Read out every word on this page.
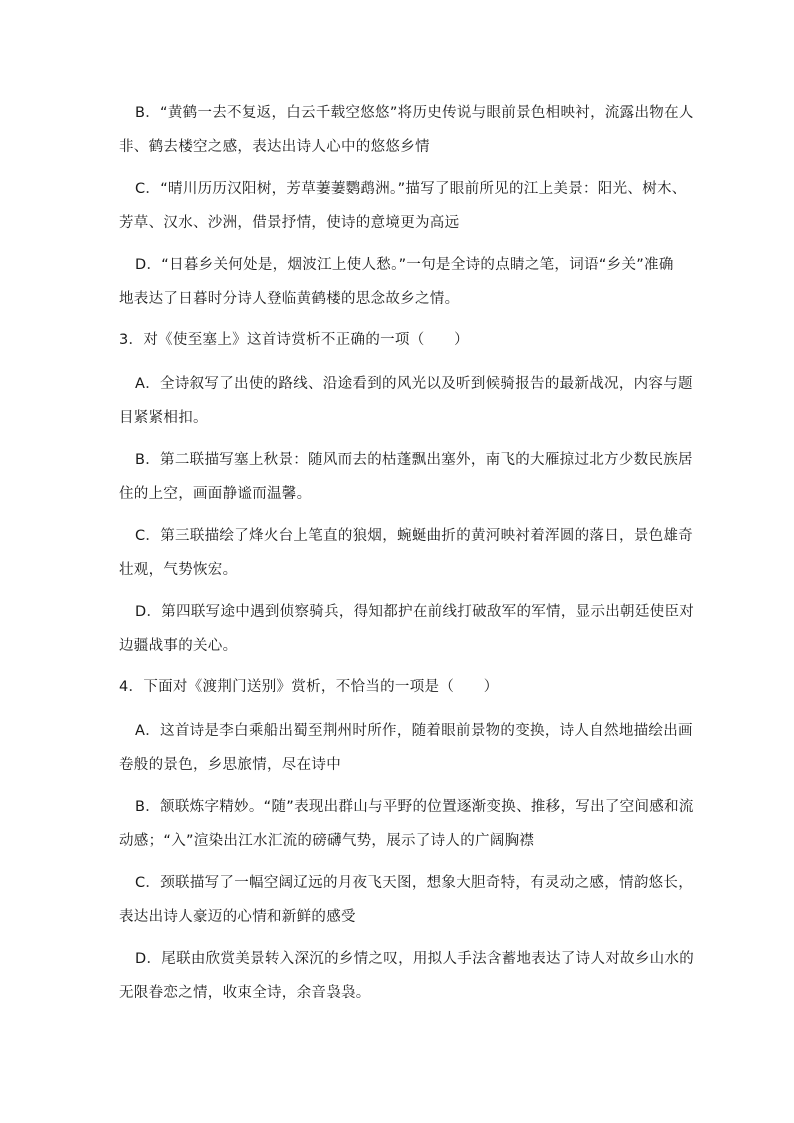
B．“黄鹤一去不复返，白云千载空悠悠”将历史传说与眼前景色相映衬，流露出物在人
非、鹤去楼空之感，表达出诗人心中的悠悠乡情

C．“晴川历历汉阳树，芳草萋萋鹦鹉洲。”描写了眼前所见的江上美景：阳光、树木、
芳草、汉水、沙洲，借景抒情，使诗的意境更为高远

D．“日暮乡关何处是，烟波江上使人愁。”一句是全诗的点睛之笔，词语“乡关”准确
地表达了日暮时分诗人登临黄鹤楼的思念故乡之情。

3．对《使至塞上》这首诗赏析不正确的一项（　　）

A．全诗叙写了出使的路线、沿途看到的风光以及听到候骑报告的最新战况，内容与题
目紧紧相扣。

B．第二联描写塞上秋景：随风而去的枯蓬飘出塞外，南飞的大雁掠过北方少数民族居
住的上空，画面静谧而温馨。

C．第三联描绘了烽火台上笔直的狼烟，蜿蜒曲折的黄河映衬着浑圆的落日，景色雄奇
壮观，气势恢宏。

D．第四联写途中遇到侦察骑兵，得知都护在前线打破敌军的军情，显示出朝廷使臣对
边疆战事的关心。

4．下面对《渡荆门送别》赏析，不恰当的一项是（　　）

A．这首诗是李白乘船出蜀至荆州时所作，随着眼前景物的变换，诗人自然地描绘出画
卷般的景色，乡思旅情，尽在诗中

B．颔联炼字精妙。“随”表现出群山与平野的位置逐渐变换、推移，写出了空间感和流
动感；“入”渲染出江水汇流的磅礴气势，展示了诗人的广阔胸襟

C．颈联描写了一幅空阔辽远的月夜飞天图，想象大胆奇特，有灵动之感，情韵悠长，
表达出诗人豪迈的心情和新鲜的感受

D．尾联由欣赏美景转入深沉的乡情之叹，用拟人手法含蓄地表达了诗人对故乡山水的
无限眷恋之情，收束全诗，余音袅袅。
